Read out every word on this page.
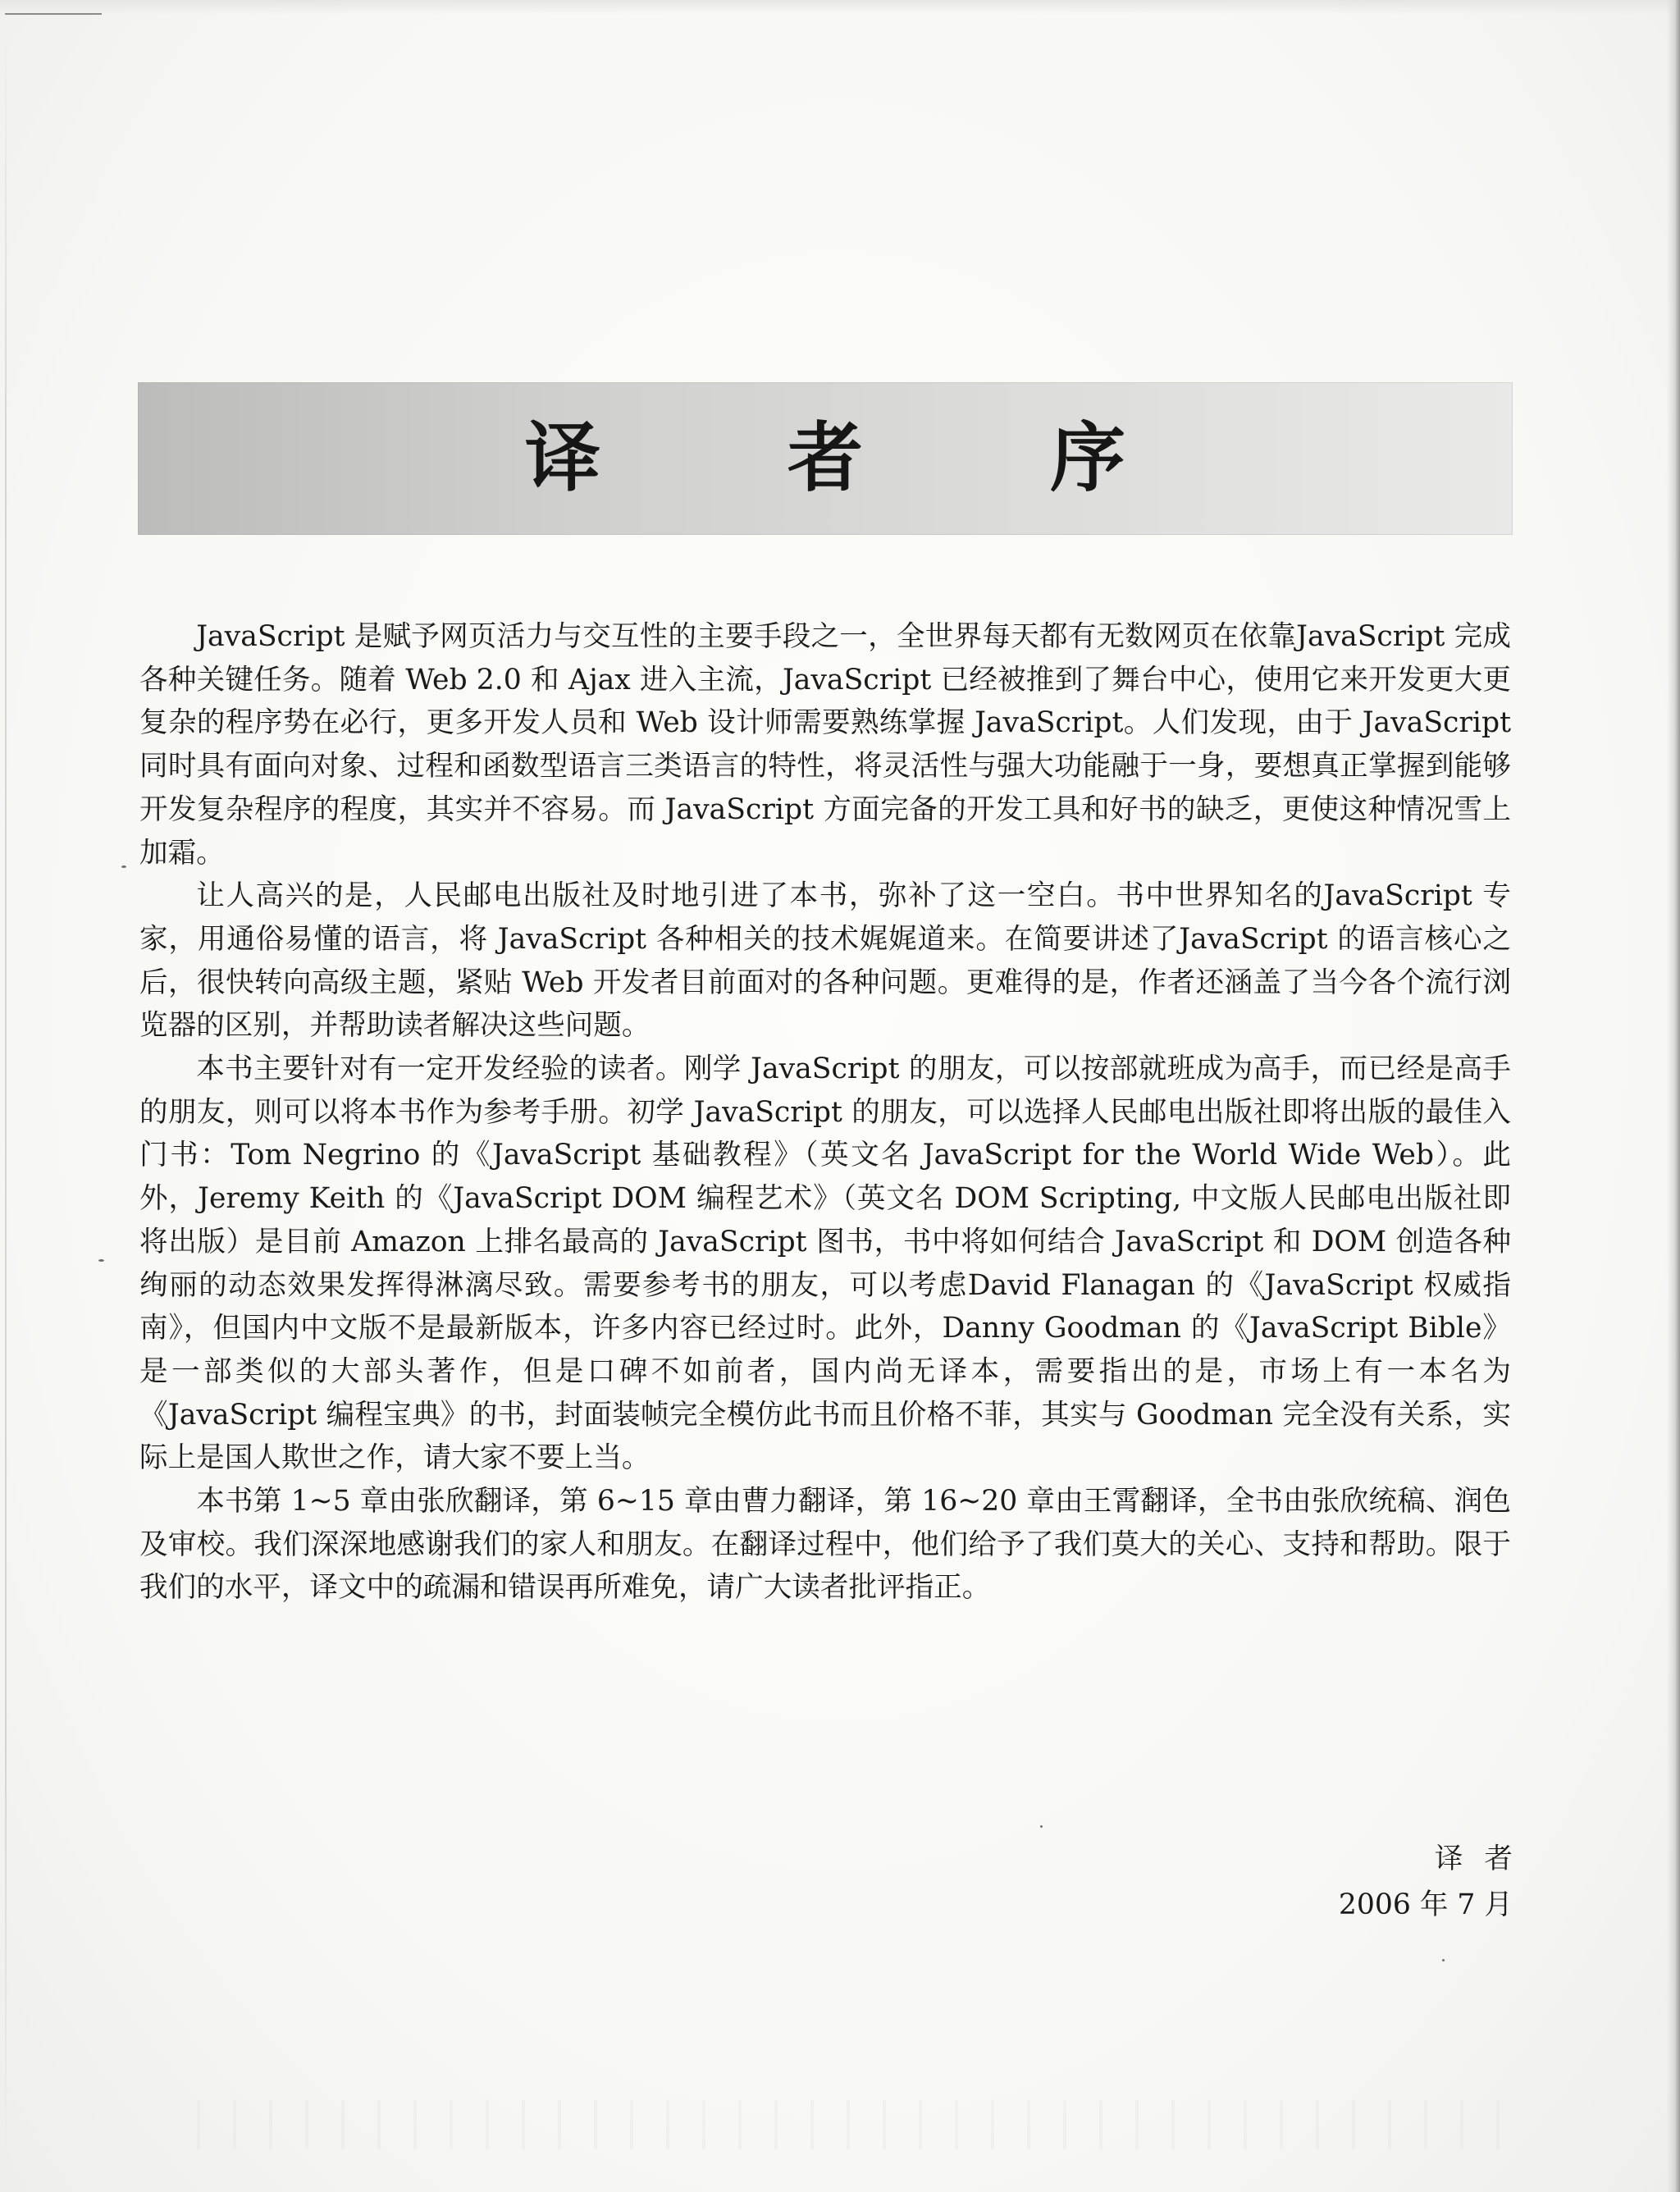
译　者　序

JavaScript 是赋予网页活力与交互性的主要手段之一，全世界每天都有无数网页在依靠JavaScript 完成各种关键任务。随着 Web 2.0 和 Ajax 进入主流，JavaScript 已经被推到了舞台中心，使用它来开发更大更复杂的程序势在必行，更多开发人员和 Web 设计师需要熟练掌握 JavaScript。人们发现，由于 JavaScript 同时具有面向对象、过程和函数型语言三类语言的特性，将灵活性与强大功能融于一身，要想真正掌握到能够开发复杂程序的程度，其实并不容易。而 JavaScript 方面完备的开发工具和好书的缺乏，更使这种情况雪上加霜。

让人高兴的是，人民邮电出版社及时地引进了本书，弥补了这一空白。书中世界知名的JavaScript 专家，用通俗易懂的语言，将 JavaScript 各种相关的技术娓娓道来。在简要讲述了JavaScript 的语言核心之后，很快转向高级主题，紧贴 Web 开发者目前面对的各种问题。更难得的是，作者还涵盖了当今各个流行浏览器的区别，并帮助读者解决这些问题。

本书主要针对有一定开发经验的读者。刚学 JavaScript 的朋友，可以按部就班成为高手，而已经是高手的朋友，则可以将本书作为参考手册。初学 JavaScript 的朋友，可以选择人民邮电出版社即将出版的最佳入门书：Tom Negrino 的《JavaScript 基础教程》（英文名 JavaScript for the World Wide Web）。此外，Jeremy Keith 的《JavaScript DOM 编程艺术》（英文名 DOM Scripting, 中文版人民邮电出版社即将出版）是目前 Amazon 上排名最高的 JavaScript 图书，书中将如何结合 JavaScript 和 DOM 创造各种绚丽的动态效果发挥得淋漓尽致。需要参考书的朋友，可以考虑David Flanagan 的《JavaScript 权威指南》，但国内中文版不是最新版本，许多内容已经过时。此外，Danny Goodman 的《JavaScript Bible》是一部类似的大部头著作，但是口碑不如前者，国内尚无译本，需要指出的是，市场上有一本名为《JavaScript 编程宝典》的书，封面装帧完全模仿此书而且价格不菲，其实与 Goodman 完全没有关系，实际上是国人欺世之作，请大家不要上当。

本书第 1~5 章由张欣翻译，第 6~15 章由曹力翻译，第 16~20 章由王霄翻译，全书由张欣统稿、润色及审校。我们深深地感谢我们的家人和朋友。在翻译过程中，他们给予了我们莫大的关心、支持和帮助。限于我们的水平，译文中的疏漏和错误再所难免，请广大读者批评指正。

译者
2006 年 7 月
